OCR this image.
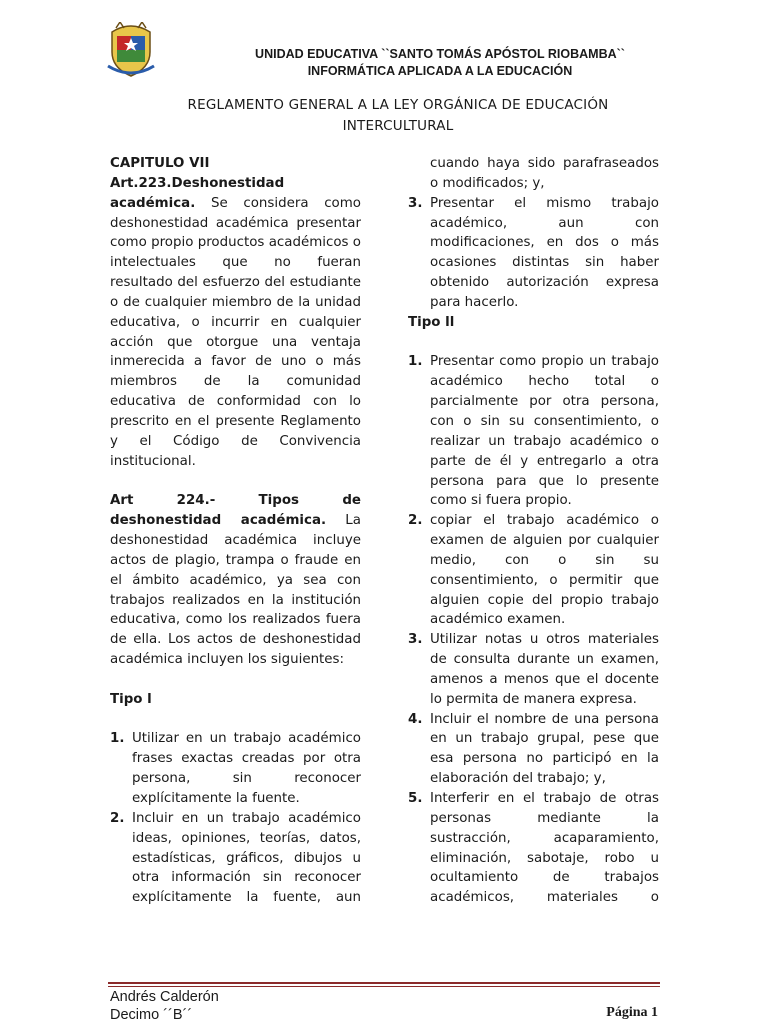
UNIDAD EDUCATIVA ``SANTO TOMÁS APÓSTOL RIOBAMBA``
INFORMÁTICA APLICADA A LA EDUCACIÓN
REGLAMENTO GENERAL A LA LEY ORGÁNICA DE EDUCACIÓN
INTERCULTURAL

CAPITULO VII

Art.223.Deshonestidad
académica. Se considera como deshonestidad académica presentar como propio productos académicos o intelectuales que no fueran resultado del esfuerzo del estudiante o de cualquier miembro de la unidad educativa, o incurrir en cualquier acción que otorgue una ventaja inmerecida a favor de uno o más miembros de la comunidad educativa de conformidad con lo prescrito en el presente Reglamento y el Código de Convivencia institucional.

Art 224.- Tipos de
deshonestidad académica. La deshonestidad académica incluye actos de plagio, trampa o fraude en el ámbito académico, ya sea con trabajos realizados en la institución educativa, como los realizados fuera de ella. Los actos de deshonestidad académica incluyen los siguientes:

Tipo l

1. Utilizar en un trabajo académico frases exactas creadas por otra persona, sin reconocer explícitamente la fuente.
2. Incluir en un trabajo académico ideas, opiniones, teorías, datos, estadísticas, gráficos, dibujos u otra información sin reconocer explícitamente la fuente, aun

cuando haya sido parafraseados o modificados; y,

3. Presentar el mismo trabajo académico, aun con modificaciones, en dos o más ocasiones distintas sin haber obtenido autorización expresa para hacerlo.

Tipo ll

1. Presentar como propio un trabajo académico hecho total o parcialmente por otra persona, con o sin su consentimiento, o realizar un trabajo académico o parte de él y entregarlo a otra persona para que lo presente como si fuera propio.
2. copiar el trabajo académico o examen de alguien por cualquier medio, con o sin su consentimiento, o permitir que alguien copie del propio trabajo académico examen.
3. Utilizar notas u otros materiales de consulta durante un examen, amenos a menos que el docente lo permita de manera expresa.
4. Incluir el nombre de una persona en un trabajo grupal, pese que esa persona no participó en la elaboración del trabajo; y,
5. Interferir en el trabajo de otras personas mediante la sustracción, acaparamiento, eliminación, sabotaje, robo u ocultamiento de trabajos académicos, materiales o
Andrés Calderón
Decimo ´´B´´	Página 1
